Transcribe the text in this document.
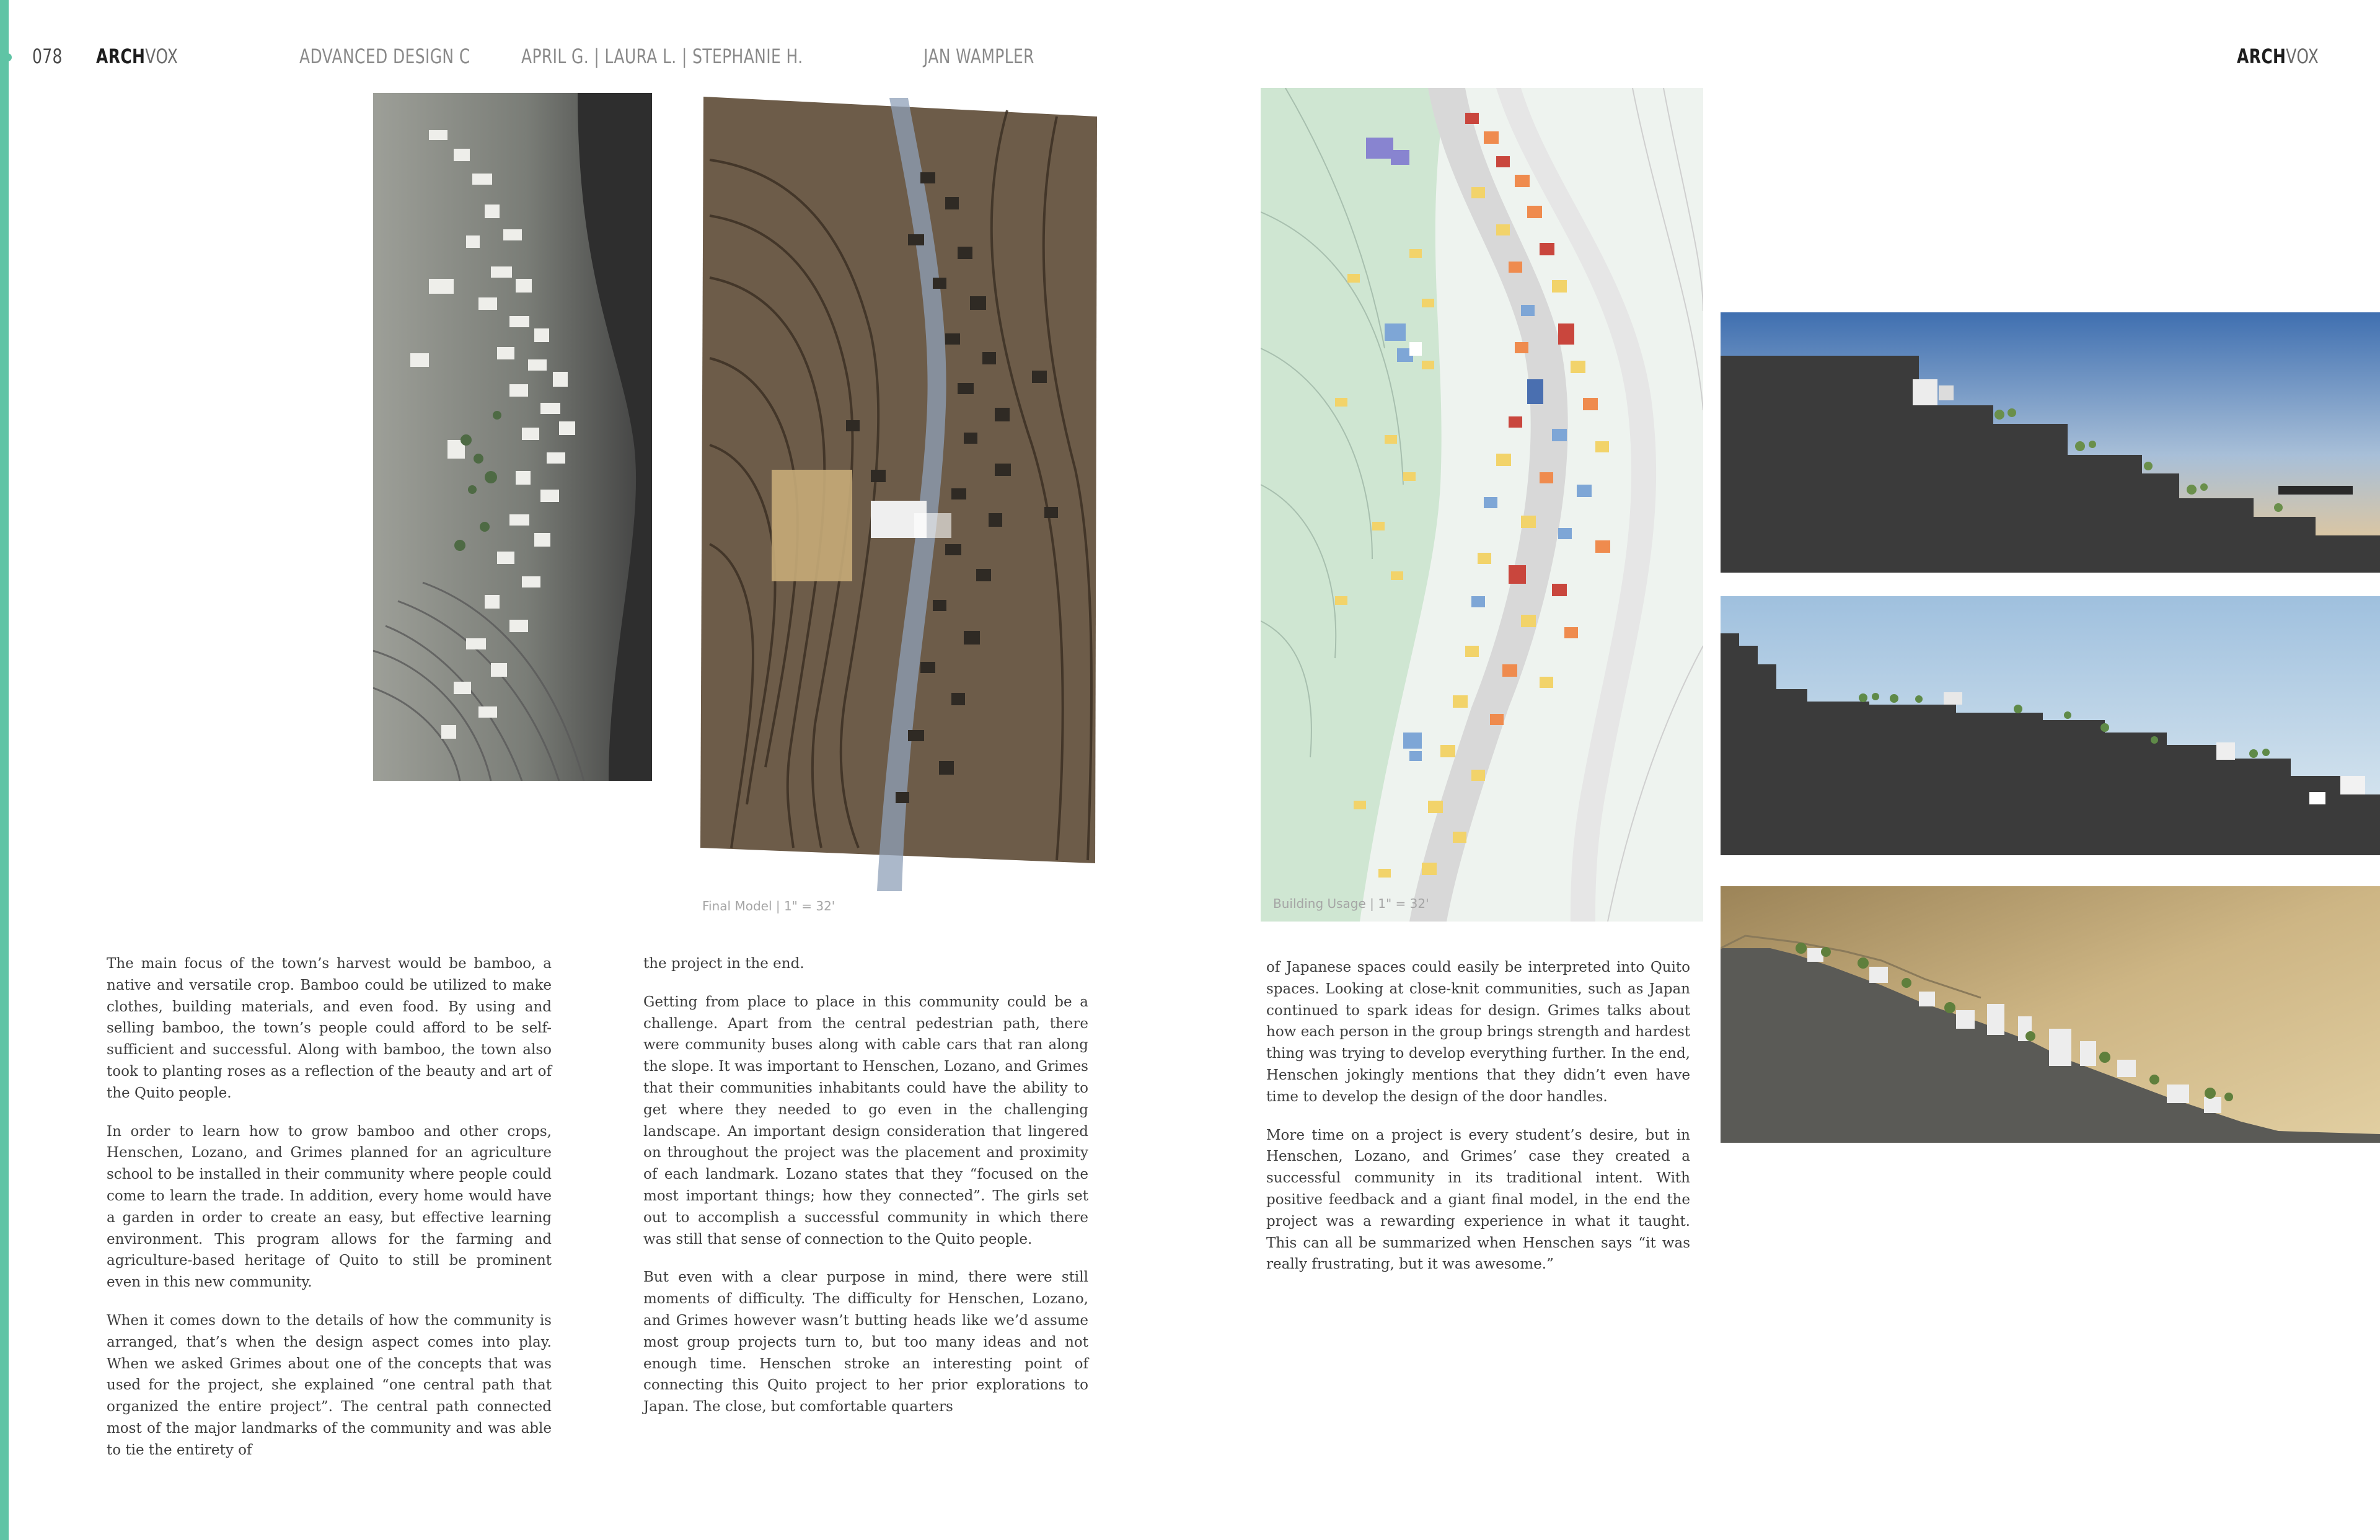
078 ARCHVOX	ADVANCED DESIGN C	APRIL G. | LAURA L. | STEPHANIE H.	JAN WAMPLER	ARCHVOX
Final Model | 1" = 32'	Building Usage | 1" = 32'

The main focus of the town’s harvest would be bamboo, a native and versatile crop. Bamboo could be utilized to make clothes, building materials, and even food. By using and selling bamboo, the town’s people could afford to be self-sufficient and successful. Along with bamboo, the town also took to planting roses as a reflection of the beauty and art of the Quito people.

In order to learn how to grow bamboo and other crops, Henschen, Lozano, and Grimes planned for an agriculture school to be installed in their community where people could come to learn the trade. In addition, every home would have a garden in order to create an easy, but effective learning environment. This program allows for the farming and agriculture-based heritage of Quito to still be prominent even in this new community.

When it comes down to the details of how the community is arranged, that’s when the design aspect comes into play. When we asked Grimes about one of the concepts that was used for the project, she explained “one central path that organized the entire project”. The central path connected most of the major landmarks of the community and was able to tie the entirety of

the project in the end.

Getting from place to place in this community could be a challenge. Apart from the central pedestrian path, there were community buses along with cable cars that ran along the slope. It was important to Henschen, Lozano, and Grimes that their communities inhabitants could have the ability to get where they needed to go even in the challenging landscape. An important design consideration that lingered on throughout the project was the placement and proximity of each landmark. Lozano states that they “focused on the most important things; how they connected”. The girls set out to accomplish a successful community in which there was still that sense of connection to the Quito people.

But even with a clear purpose in mind, there were still moments of difficulty. The difficulty for Henschen, Lozano, and Grimes however wasn’t butting heads like we’d assume most group projects turn to, but too many ideas and not enough time. Henschen stroke an interesting point of connecting this Quito project to her prior explorations to Japan. The close, but comfortable quarters

of Japanese spaces could easily be interpreted into Quito spaces. Looking at close-knit communities, such as Japan continued to spark ideas for design. Grimes talks about how each person in the group brings strength and hardest thing was trying to develop everything further. In the end, Henschen jokingly mentions that they didn’t even have time to develop the design of the door handles.

More time on a project is every student’s desire, but in Henschen, Lozano, and Grimes’ case they created a successful community in its traditional intent. With positive feedback and a giant final model, in the end the project was a rewarding experience in what it taught. This can all be summarized when Henschen says “it was really frustrating, but it was awesome.”
